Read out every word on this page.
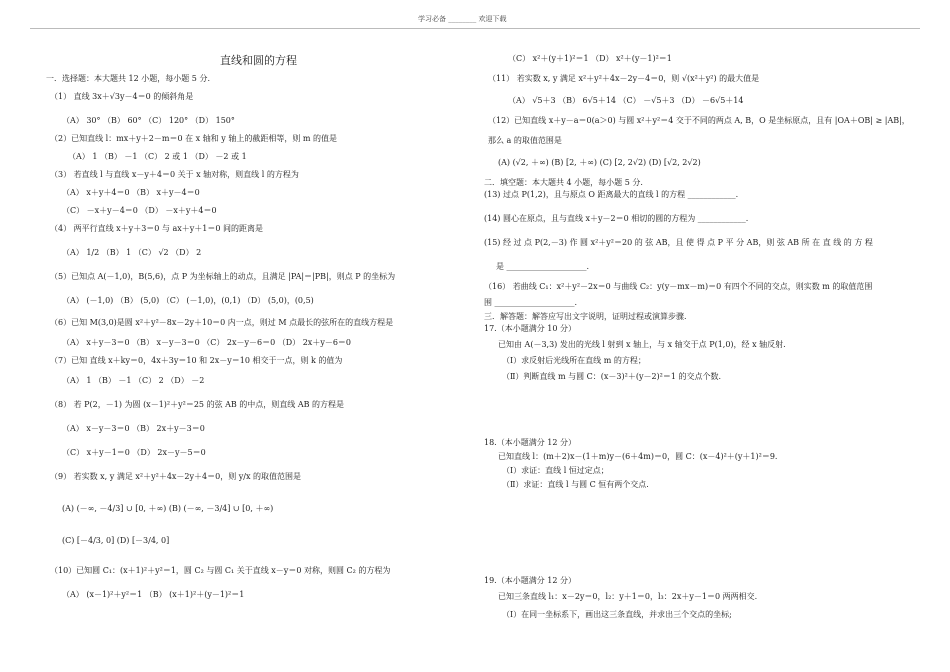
学习必备 ________ 欢迎下载
直线和圆的方程
一．选择题：本大题共 12 小题，每小题 5 分.
（1） 直线 3x＋√3y－4＝0 的倾斜角是
（A） 30° （B） 60° （C） 120° （D） 150°
（2）已知直线 l：mx＋y＋2－m＝0 在 x 轴和 y 轴上的截距相等，则 m 的值是
（A） 1 （B） －1 （C） 2 或 1 （D） －2 或 1
（3） 若直线 l 与直线 x－y＋4＝0 关于 x 轴对称，则直线 l 的方程为
（A） x＋y＋4＝0 （B） x＋y－4＝0
（C） －x＋y－4＝0 （D） －x＋y＋4＝0
（4） 两平行直线 x＋y＋3＝0 与 ax＋y＋1＝0 间的距离是
（A） 1/2 （B） 1 （C） √2 （D） 2
（5）已知点 A(－1,0)，B(5,6)，点 P 为坐标轴上的动点，且满足 |PA|＝|PB|，则点 P 的坐标为
（A） (－1,0) （B） (5,0) （C） (－1,0)，(0,1) （D） (5,0)，(0,5)
（6）已知 M(3,0)是圆 x²＋y²－8x－2y＋10＝0 内一点，则过 M 点最长的弦所在的直线方程是
（A） x＋y－3＝0 （B） x－y－3＝0 （C） 2x－y－6＝0 （D） 2x＋y－6＝0
（7）已知 直线 x＋ky＝0，4x＋3y＝10 和 2x－y＝10 相交于一点，则 k 的值为
（A） 1 （B） －1 （C） 2 （D） －2
（8） 若 P(2，－1) 为圆 (x－1)²＋y²＝25 的弦 AB 的中点，则直线 AB 的方程是
（A） x－y－3＝0 （B） 2x＋y－3＝0
（C） x＋y－1＝0 （D） 2x－y－5＝0
（9） 若实数 x, y 满足 x²＋y²＋4x－2y＋4＝0，则 y/x 的取值范围是
(A) (－∞, －4/3] ∪ [0, ＋∞) (B) (－∞, －3/4] ∪ [0, ＋∞)
(C) [－4/3, 0] (D) [－3/4, 0]
（10）已知圆 C₁：(x＋1)²＋y²＝1，圆 C₂ 与圆 C₁ 关于直线 x－y＝0 对称，则圆 C₂ 的方程为
（A） (x－1)²＋y²＝1 （B） (x＋1)²＋(y－1)²＝1
（C） x²＋(y＋1)²＝1 （D） x²＋(y－1)²＝1
（11） 若实数 x, y 满足 x²＋y²＋4x－2y－4＝0，则 √(x²＋y²) 的最大值是
（A） √5＋3 （B） 6√5＋14 （C） －√5＋3 （D） －6√5＋14
（12）已知直线 x＋y－a＝0(a＞0) 与圆 x²＋y²＝4 交于不同的两点 A, B，O 是坐标原点，且有 |OA＋OB| ≥ |AB|，
那么 a 的取值范围是
(A) (√2, ＋∞) (B) [2, ＋∞) (C) [2, 2√2) (D) [√2, 2√2)
二．填空题：本大题共 4 小题，每小题 5 分.
(13) 过点 P(1,2)，且与原点 O 距离最大的直线 l 的方程 ____________.
(14) 圆心在原点，且与直线 x＋y－2＝0 相切的圆的方程为 ____________.
(15) 经 过 点 P(2,－3) 作 圆 x²＋y²＝20 的 弦 AB，且 使 得 点 P 平 分 AB，则 弦 AB 所 在 直 线 的 方 程
是 ____________________.
（16） 若曲线 C₁：x²＋y²－2x＝0 与曲线 C₂：y(y－mx－m)＝0 有四个不同的交点，则实数 m 的取值范围
围 ____________________.
三．解答题：解答应写出文字说明，证明过程或演算步骤.
17.（本小题满分 10 分）
已知由 A(－3,3) 发出的光线 l 射到 x 轴上，与 x 轴交于点 P(1,0)，经 x 轴反射.
（Ⅰ）求反射后光线所在直线 m 的方程；
（Ⅱ）判断直线 m 与圆 C：(x－3)²＋(y－2)²＝1 的交点个数.
18.（本小题满分 12 分）
已知直线 l：(m＋2)x－(1＋m)y－(6＋4m)＝0，圆 C：(x－4)²＋(y＋1)²＝9.
（Ⅰ）求证：直线 l 恒过定点；
（Ⅱ）求证：直线 l 与圆 C 恒有两个交点.
19.（本小题满分 12 分）
已知三条直线 l₁：x－2y＝0，l₂：y＋1＝0，l₃：2x＋y－1＝0 两两相交.
（Ⅰ）在同一坐标系下，画出这三条直线，并求出三个交点的坐标;
